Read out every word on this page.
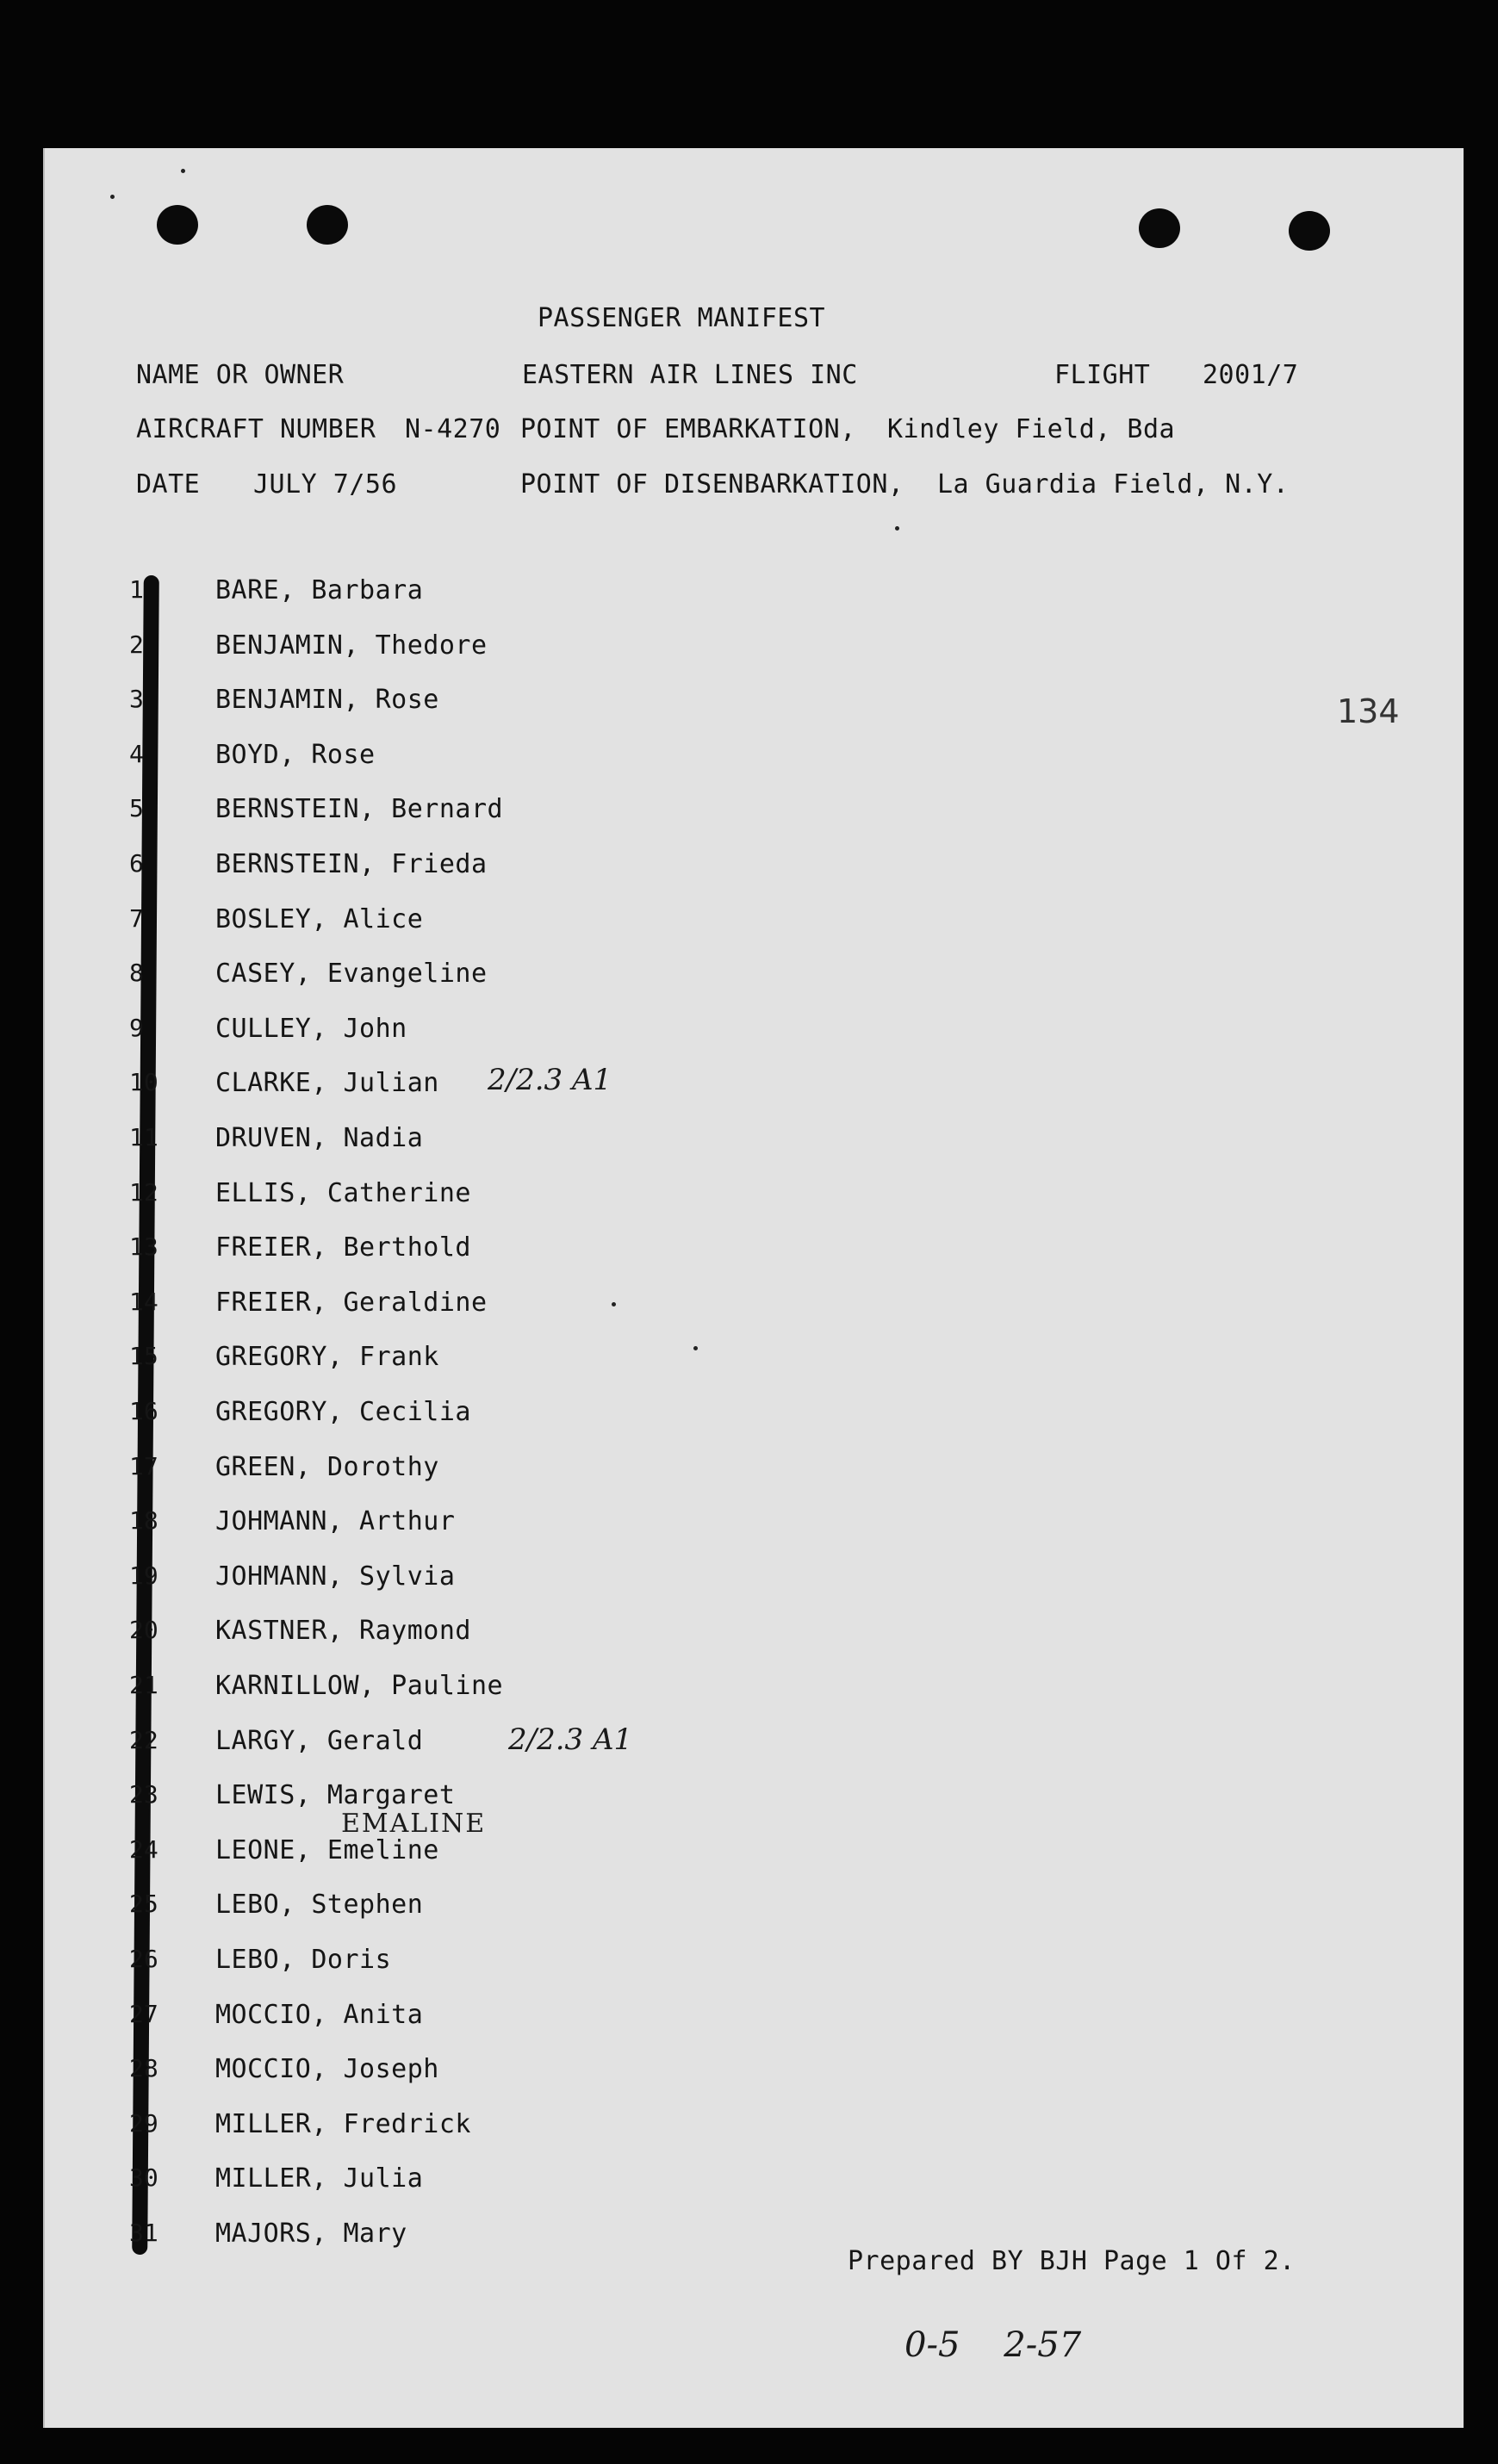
PASSENGER MANIFEST
NAME OR OWNER	EASTERN AIR LINES INC	FLIGHT 2001/7
AIRCRAFT NUMBER N-4270 POINT OF EMBARKATION, Kindley Field, Bda
DATE JULY 7/56	POINT OF DISENBARKATION, La Guardia Field, N.Y.
134
1	BARE, Barbara
2	BENJAMIN, Thedore
3	BENJAMIN, Rose
4	BOYD, Rose
5	BERNSTEIN, Bernard
6	BERNSTEIN, Frieda
7	BOSLEY, Alice
8	CASEY, Evangeline
9	CULLEY, John
10	CLARKE, Julian
11	DRUVEN, Nadia
12	ELLIS, Catherine
13	FREIER, Berthold
14	FREIER, Geraldine
15	GREGORY, Frank
16	GREGORY, Cecilia
17	GREEN, Dorothy
18	JOHMANN, Arthur
19	JOHMANN, Sylvia
20	KASTNER, Raymond
21	KARNILLOW, Pauline
22	LARGY, Gerald
23	LEWIS, Margaret
24	LEONE, Emeline
25	LEBO, Stephen
26	LEBO, Doris
27	MOCCIO, Anita
28	MOCCIO, Joseph
29	MILLER, Fredrick
30	MILLER, Julia
31	MAJORS, Mary
2/2.3 A1
2/2.3 A1
EMALINE
Prepared BY BJH Page 1 Of 2.
0-5    2-57
